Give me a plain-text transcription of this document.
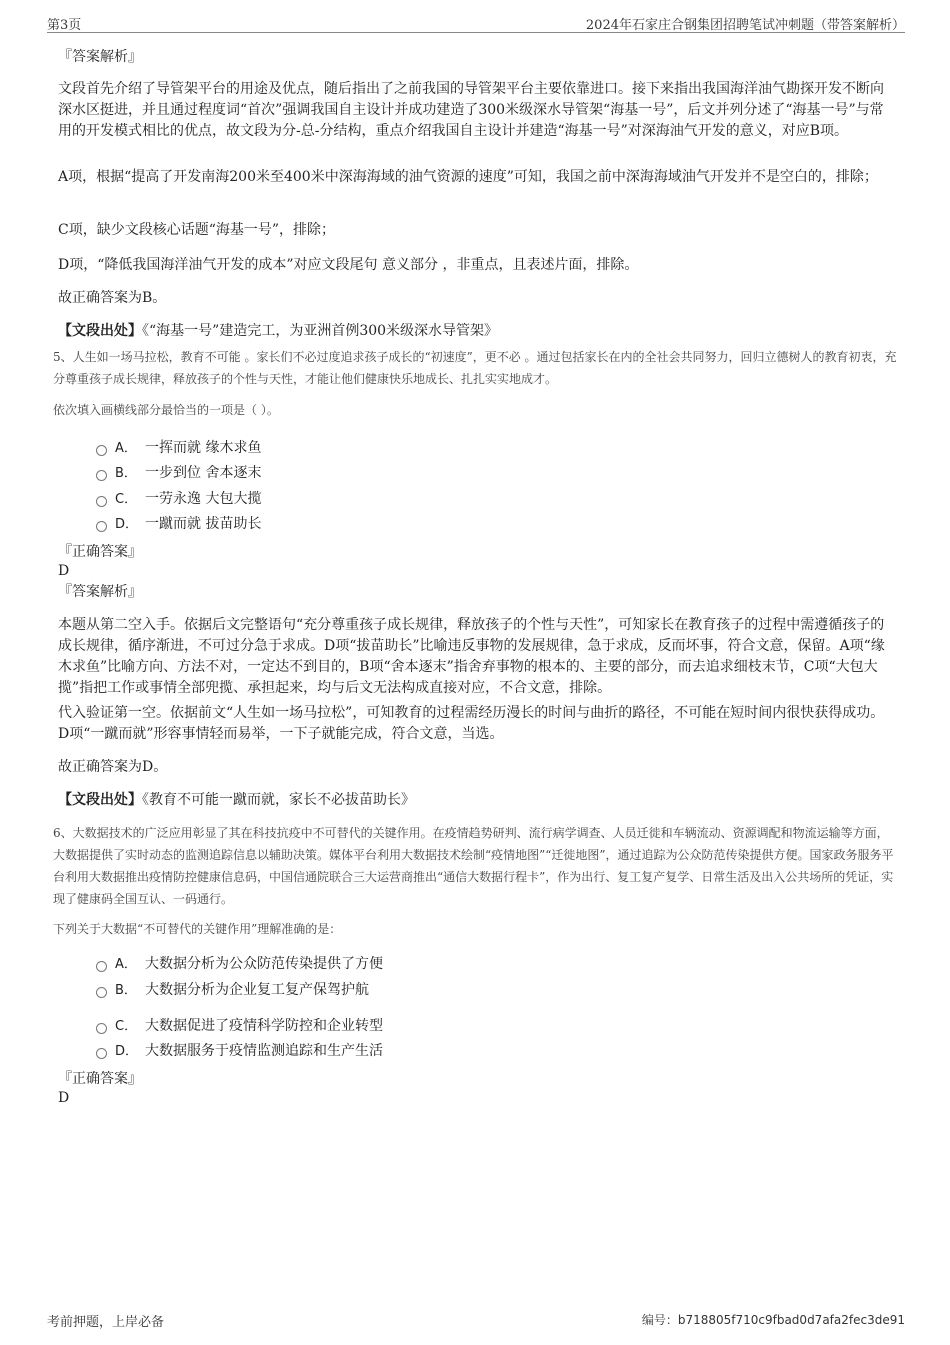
第3页	2024年石家庄合钢集团招聘笔试冲刺题（带答案解析）
『答案解析』
文段首先介绍了导管架平台的用途及优点，随后指出了之前我国的导管架平台主要依靠进口。接下来指出我国海洋油气勘探开发不断向深水区挺进，并且通过程度词“首次”强调我国自主设计并成功建造了300米级深水导管架“海基一号”，后文并列分述了“海基一号”与常用的开发模式相比的优点，故文段为分-总-分结构，重点介绍我国自主设计并建造“海基一号”对深海油气开发的意义，对应B项。
A项，根据“提高了开发南海200米至400米中深海海域的油气资源的速度”可知，我国之前中深海海域油气开发并不是空白的，排除；
C项，缺少文段核心话题“海基一号”，排除；
D项，“降低我国海洋油气开发的成本”对应文段尾句 意义部分 ，非重点，且表述片面，排除。
故正确答案为B。
【文段出处】《“海基一号”建造完工，为亚洲首例300米级深水导管架》
5、人生如一场马拉松，教育不可能 。家长们不必过度追求孩子成长的“初速度”，更不必 。通过包括家长在内的全社会共同努力，回归立德树人的教育初衷，充分尊重孩子成长规律，释放孩子的个性与天性，才能让他们健康快乐地成长、扎扎实实地成才。
依次填入画横线部分最恰当的一项是（ ）。
A． 一挥而就 缘木求鱼
B． 一步到位 舍本逐末
C． 一劳永逸 大包大揽
D． 一蹴而就 拔苗助长
『正确答案』
D
『答案解析』
本题从第二空入手。依据后文完整语句“充分尊重孩子成长规律，释放孩子的个性与天性”，可知家长在教育孩子的过程中需遵循孩子的成长规律，循序渐进，不可过分急于求成。D项“拔苗助长”比喻违反事物的发展规律，急于求成，反而坏事，符合文意，保留。A项“缘木求鱼”比喻方向、方法不对，一定达不到目的，B项“舍本逐末”指舍弃事物的根本的、主要的部分，而去追求细枝末节，C项“大包大揽”指把工作或事情全部兜揽、承担起来，均与后文无法构成直接对应，不合文意，排除。
代入验证第一空。依据前文“人生如一场马拉松”，可知教育的过程需经历漫长的时间与曲折的路径，不可能在短时间内很快获得成功。D项“一蹴而就”形容事情轻而易举，一下子就能完成，符合文意，当选。
故正确答案为D。
【文段出处】《教育不可能一蹴而就，家长不必拔苗助长》
6、大数据技术的广泛应用彰显了其在科技抗疫中不可替代的关键作用。在疫情趋势研判、流行病学调查、人员迁徙和车辆流动、资源调配和物流运输等方面，大数据提供了实时动态的监测追踪信息以辅助决策。媒体平台利用大数据技术绘制“疫情地图”“迁徙地图”，通过追踪为公众防范传染提供方便。国家政务服务平台利用大数据推出疫情防控健康信息码，中国信通院联合三大运营商推出“通信大数据行程卡”，作为出行、复工复产复学、日常生活及出入公共场所的凭证，实现了健康码全国互认、一码通行。
下列关于大数据“不可替代的关键作用”理解准确的是：
A． 大数据分析为公众防范传染提供了方便
B． 大数据分析为企业复工复产保驾护航
C． 大数据促进了疫情科学防控和企业转型
D． 大数据服务于疫情监测追踪和生产生活
『正确答案』
D
考前押题，上岸必备	编号：b718805f710c9fbad0d7afa2fec3de91
